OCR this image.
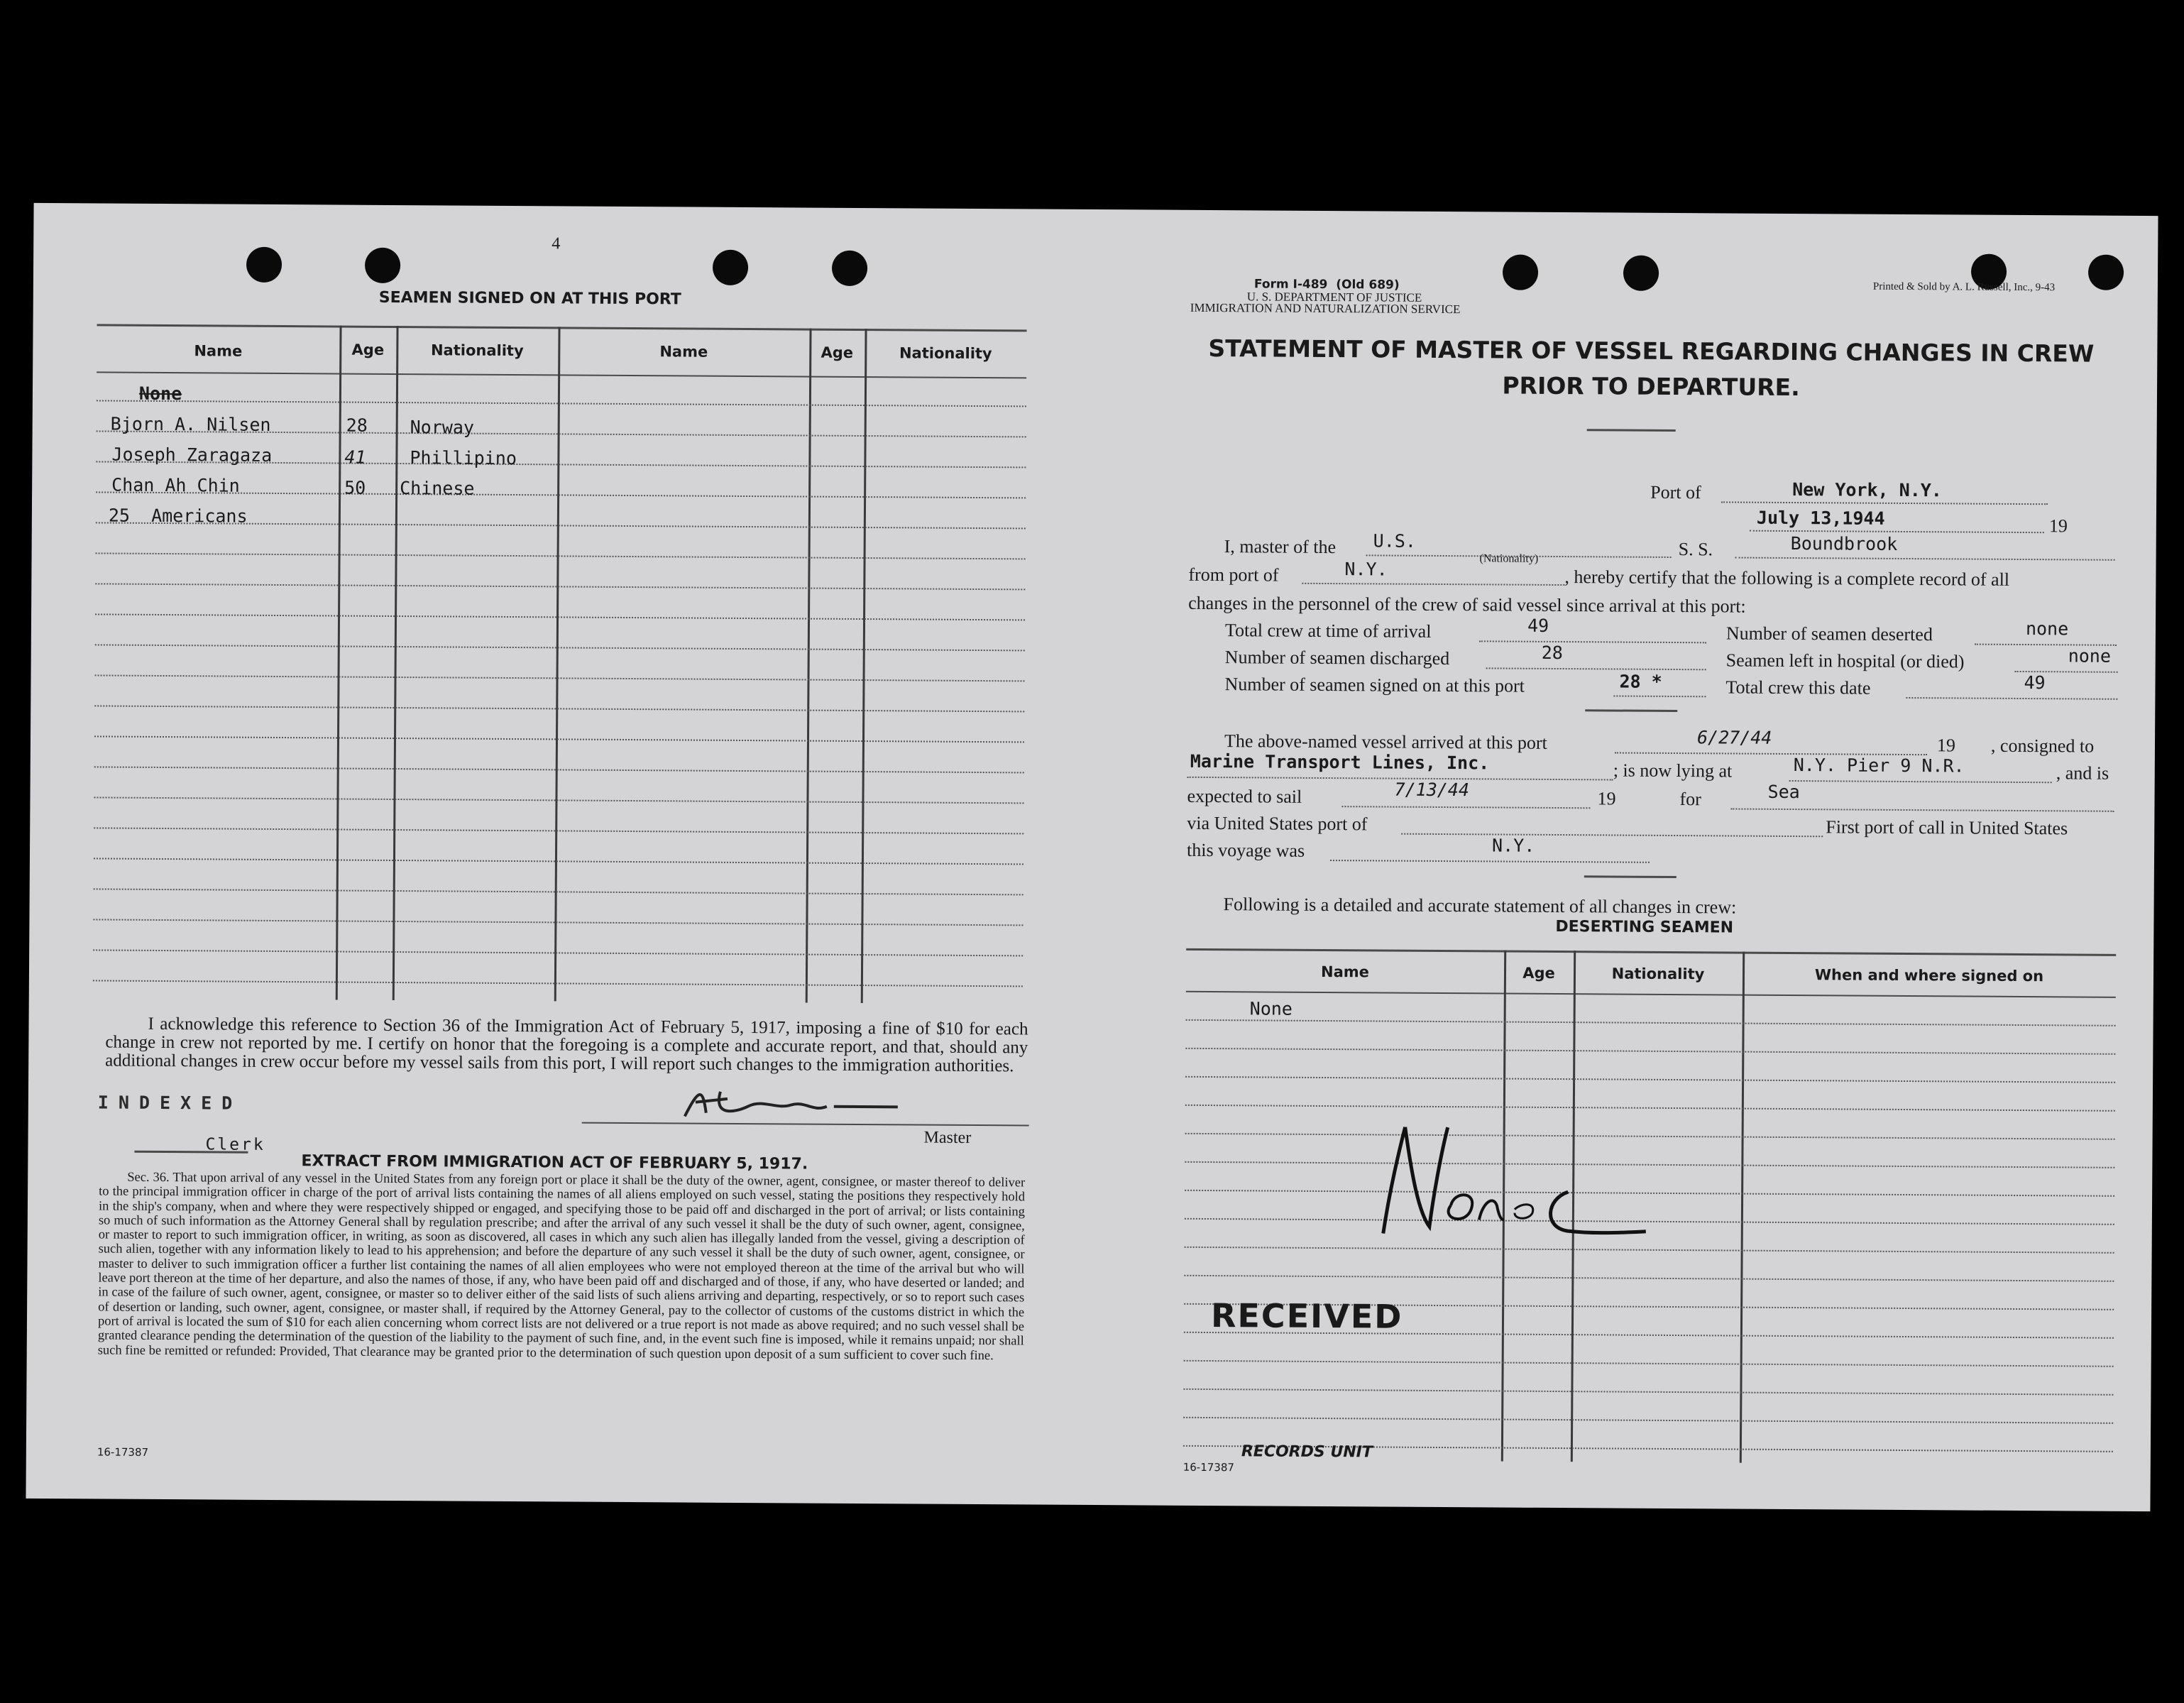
4
SEAMEN SIGNED ON AT THIS PORT
Name	Age	Nationality	Name	Age	Nationality
None
Bjorn A. Nilsen	28 Norway
Joseph Zaragaza	41 Phillipino
Chan Ah Chin	50 Chinese
25  Americans
I acknowledge this reference to Section 36 of the Immigration Act of February 5, 1917, imposing a fine of $10 for each change in crew not reported by me. I certify on honor that the foregoing is a complete and accurate report, and that, should any additional changes in crew occur before my vessel sails from this port, I will report such changes to the immigration authorities.
INDEXED
Master
Clerk
EXTRACT FROM IMMIGRATION ACT OF FEBRUARY 5, 1917.
Sec. 36. That upon arrival of any vessel in the United States from any foreign port or place it shall be the duty of the owner, agent, consignee, or master thereof to deliver to the principal immigration officer in charge of the port of arrival lists containing the names of all aliens employed on such vessel, stating the positions they respectively hold in the ship's company, when and where they were respectively shipped or engaged, and specifying those to be paid off and discharged in the port of arrival; or lists containing so much of such information as the Attorney General shall by regulation prescribe; and after the arrival of any such vessel it shall be the duty of such owner, agent, consignee, or master to report to such immigration officer, in writing, as soon as discovered, all cases in which any such alien has illegally landed from the vessel, giving a description of such alien, together with any information likely to lead to his apprehension; and before the departure of any such vessel it shall be the duty of such owner, agent, consignee, or master to deliver to such immigration officer a further list containing the names of all alien employees who were not employed thereon at the time of the arrival but who will leave port thereon at the time of her departure, and also the names of those, if any, who have been paid off and discharged and of those, if any, who have deserted or landed; and in case of the failure of such owner, agent, consignee, or master so to deliver either of the said lists of such aliens arriving and departing, respectively, or so to report such cases of desertion or landing, such owner, agent, consignee, or master shall, if required by the Attorney General, pay to the collector of customs of the customs district in which the port of arrival is located the sum of $10 for each alien concerning whom correct lists are not delivered or a true report is not made as above required; and no such vessel shall be granted clearance pending the determination of the question of the liability to the payment of such fine, and, in the event such fine is imposed, while it remains unpaid; nor shall such fine be remitted or refunded: Provided, That clearance may be granted prior to the determination of such question upon deposit of a sum sufficient to cover such fine.
16-17387
Form I-489  (Old 689)
U. S. DEPARTMENT OF JUSTICE
IMMIGRATION AND NATURALIZATION SERVICE
Printed & Sold by A. L. Russell, Inc., 9-43
STATEMENT OF MASTER OF VESSEL REGARDING CHANGES IN CREW
PRIOR TO DEPARTURE.
Port of	New York, N.Y.
July 13,1944	19
I, master of the U.S.	S. S.	Boundbrook
(Nationality)
from port of	N.Y.	, hereby certify that the following is a complete record of all
changes in the personnel of the crew of said vessel since arrival at this port:
Total crew at time of arrival	49
Number of seamen discharged	28
Number of seamen signed on at this port	28 *
Number of seamen deserted	none
Seamen left in hospital (or died)	none
Total crew this date	49
The above-named vessel arrived at this port	6/27/44	19 , consigned to
Marine Transport Lines, Inc.	; is now lying at	N.Y. Pier 9 N.R.	, and is
expected to sail	7/13/44	19	for	Sea
via United States port of	First port of call in United States
this voyage was	N.Y.
Following is a detailed and accurate statement of all changes in crew:
DESERTING SEAMEN
Name	Age	Nationality	When and where signed on
None
RECEIVED
RECORDS UNIT
16-17387
